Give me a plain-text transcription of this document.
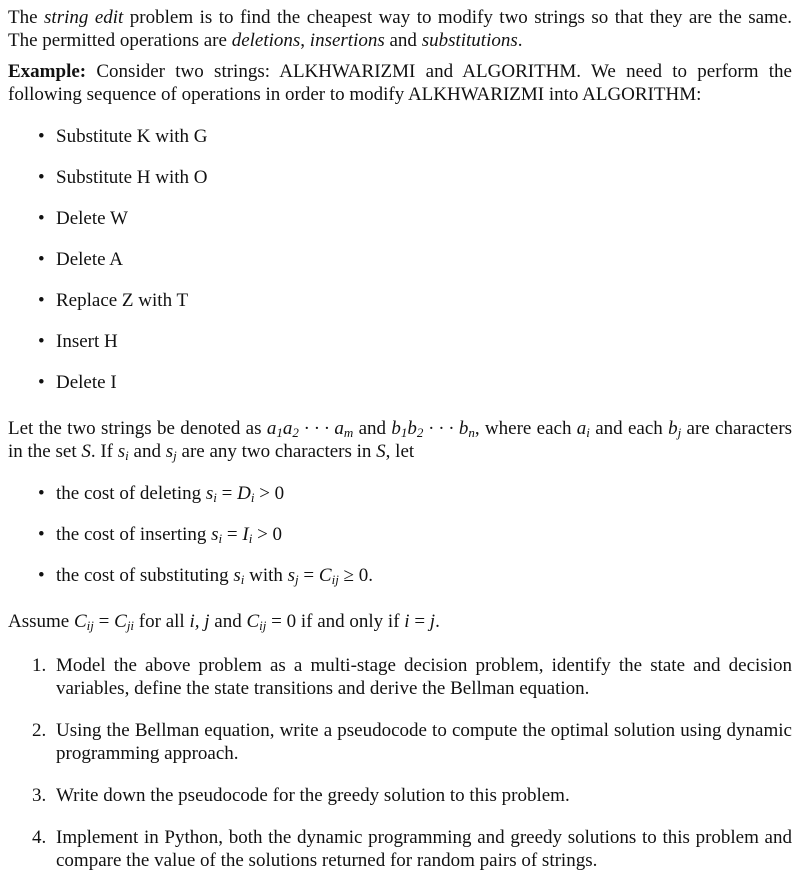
The string edit problem is to find the cheapest way to modify two strings so that they are the same. The permitted operations are deletions, insertions and substitutions.

Example: Consider two strings: ALKHWARIZMI and ALGORITHM. We need to perform the following sequence of operations in order to modify ALKHWARIZMI into ALGORITHM:

• Substitute K with G
• Substitute H with O
• Delete W
• Delete A
• Replace Z with T
• Insert H
• Delete I

Let the two strings be denoted as $a_1a_2$ · · · $a_m$ and $b_1b_2$ · · · $b_n$, where each $a_i$ and each $b_j$ are characters in the set S. If $s_i$ and $s_j$ are any two characters in S, let

• the cost of deleting $s_i = D_i > 0$
• the cost of inserting $s_i = I_i > 0$
• the cost of substituting $s_i$ with $s_j = C_{ij} \ge 0$.

Assume $C_{ij} = C_{ji}$ for all i, j and $C_{ij} = 0$ if and only if i = j.

1. Model the above problem as a multi-stage decision problem, identify the state and decision variables, define the state transitions and derive the Bellman equation.
2. Using the Bellman equation, write a pseudocode to compute the optimal solution using dynamic programming approach.
3. Write down the pseudocode for the greedy solution to this problem.
4. Implement in Python, both the dynamic programming and greedy solutions to this problem and compare the value of the solutions returned for random pairs of strings.
